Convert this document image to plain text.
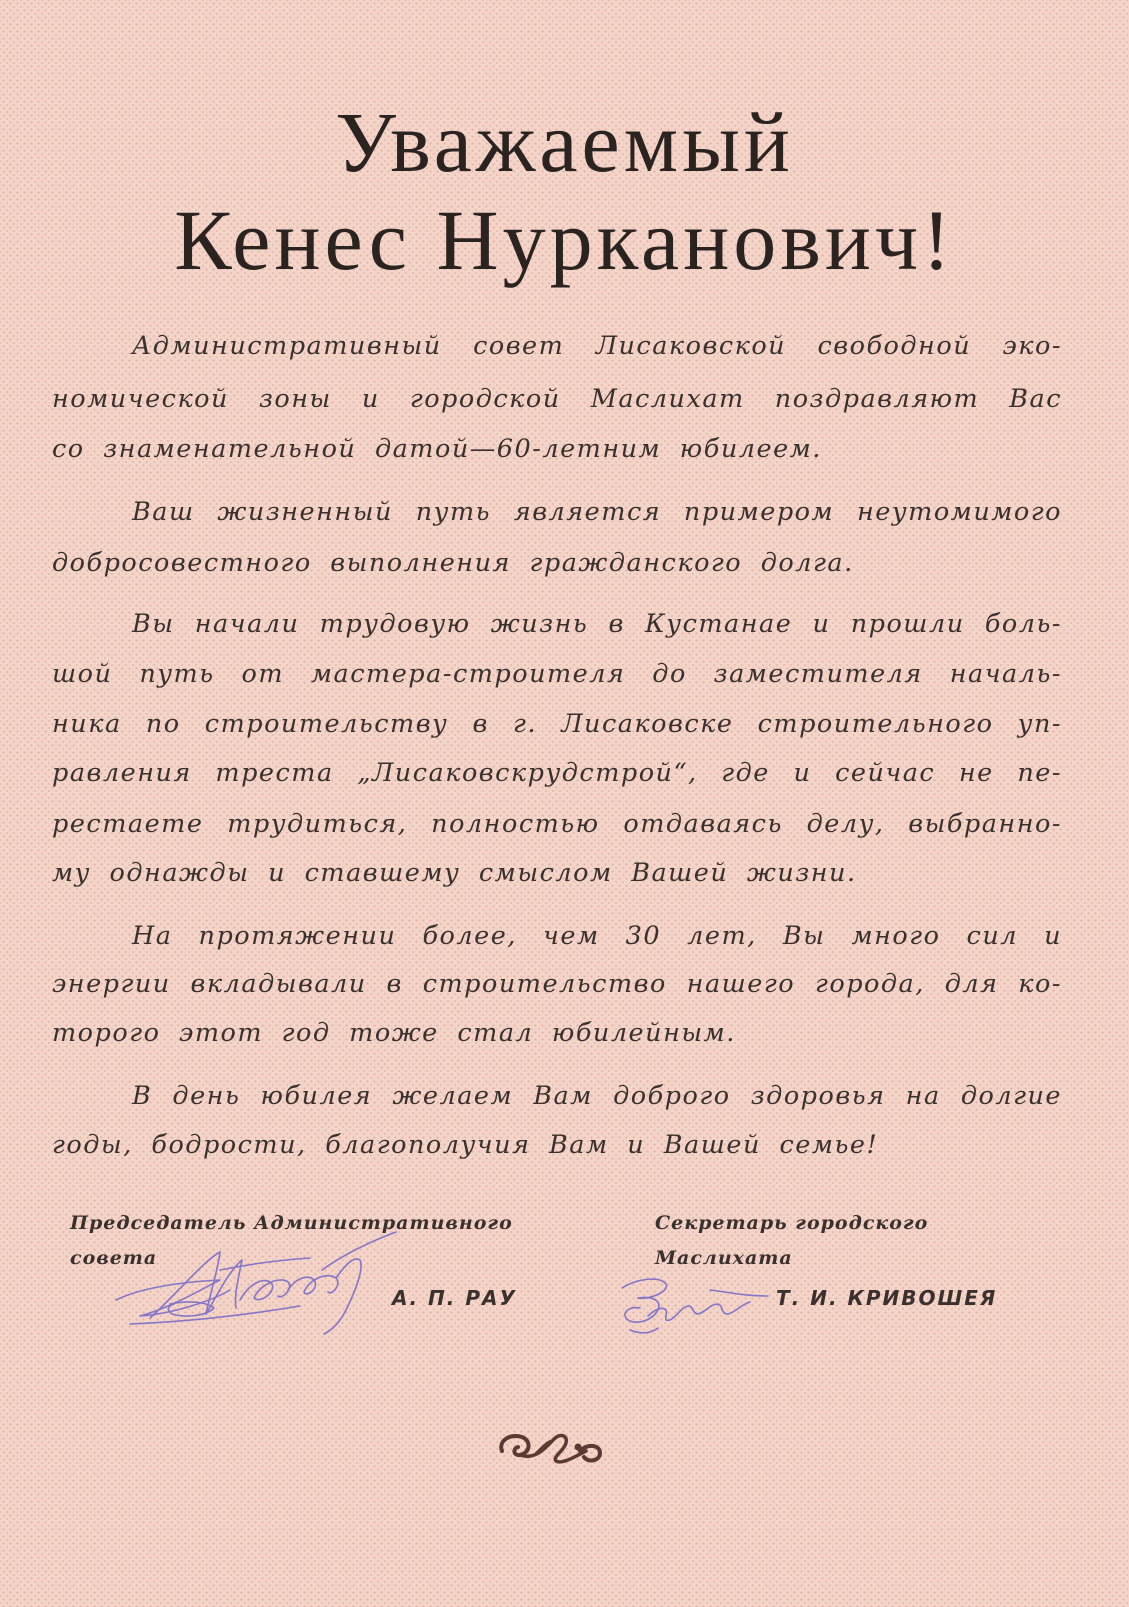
Уважаемый
Кенес Нурканович!
Административный совет Лисаковской свободной эко-
номической зоны и городской Маслихат поздравляют Вас
со знаменательной датой—60-летним юбилеем.
Ваш жизненный путь является примером неутомимого
добросовестного выполнения гражданского долга.
Вы начали трудовую жизнь в Кустанае и прошли боль-
шой путь от мастера-строителя до заместителя началь-
ника по строительству в г. Лисаковске строительного уп-
равления треста „Лисаковскрудстрой“, где и сейчас не пе-
рестаете трудиться, полностью отдаваясь делу, выбранно-
му однажды и ставшему смыслом Вашей жизни.
На протяжении более, чем 30 лет, Вы много сил и
энергии вкладывали в строительство нашего города, для ко-
торого этот год тоже стал юбилейным.
В день юбилея желаем Вам доброго здоровья на долгие
годы, бодрости, благополучия Вам и Вашей семье!
Председатель Административного
совета
А. П. РАУ
Секретарь городского
Маслихата
Т. И. КРИВОШЕЯ
